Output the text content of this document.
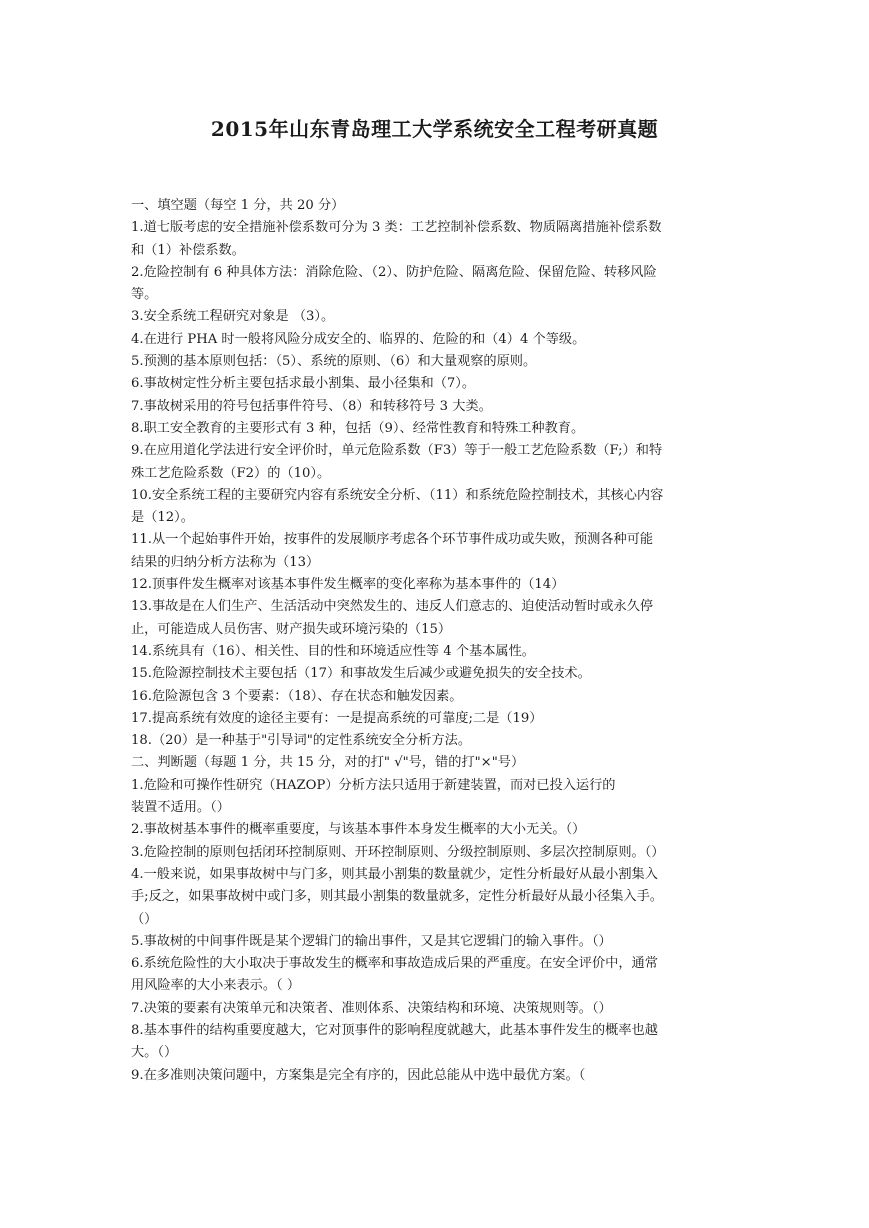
2015年山东青岛理工大学系统安全工程考研真题
一、填空题（每空 1 分，共 20 分）
1.道七版考虑的安全措施补偿系数可分为 3 类：工艺控制补偿系数、物质隔离措施补偿系数
和（1）补偿系数。
2.危险控制有 6 种具体方法：消除危险、（2）、防护危险、隔离危险、保留危险、转移风险
等。
3.安全系统工程研究对象是 （3）。
4.在进行 PHA 时一般将风险分成安全的、临界的、危险的和（4）4 个等级。
5.预测的基本原则包括：（5）、系统的原则、（6）和大量观察的原则。
6.事故树定性分析主要包括求最小割集、最小径集和（7）。
7.事故树采用的符号包括事件符号、（8）和转移符号 3 大类。
8.职工安全教育的主要形式有 3 种，包括（9）、经常性教育和特殊工种教育。
9.在应用道化学法进行安全评价时，单元危险系数（F3）等于一般工艺危险系数（F;）和特
殊工艺危险系数（F2）的（10）。
10.安全系统工程的主要研究内容有系统安全分析、（11）和系统危险控制技术，其核心内容
是（12）。
11.从一个起始事件开始，按事件的发展顺序考虑各个环节事件成功或失败，预测各种可能
结果的归纳分析方法称为（13）
12.顶事件发生概率对该基本事件发生概率的变化率称为基本事件的（14）
13.事故是在人们生产、生活活动中突然发生的、违反人们意志的、迫使活动暂时或永久停
止，可能造成人员伤害、财产损失或环境污染的（15）
14.系统具有（16）、相关性、目的性和环境适应性等 4 个基本属性。
15.危险源控制技术主要包括（17）和事故发生后减少或避免损失的安全技术。
16.危险源包含 3 个要素：（18）、存在状态和触发因素。
17.提高系统有效度的途径主要有：一是提高系统的可靠度;二是（19）
18.（20）是一种基于"引导词"的定性系统安全分析方法。
二、判断题（每题 1 分，共 15 分，对的打" √"号，错的打"×"号）
1.危险和可操作性研究（HAZOP）分析方法只适用于新建装置，而对已投入运行的
装置不适用。（）
2.事故树基本事件的概率重要度，与该基本事件本身发生概率的大小无关。（）
3.危险控制的原则包括闭环控制原则、开环控制原则、分级控制原则、多层次控制原则。（）
4.一般来说，如果事故树中与门多，则其最小割集的数量就少，定性分析最好从最小割集入
手;反之，如果事故树中或门多，则其最小割集的数量就多，定性分析最好从最小径集入手。
（）
5.事故树的中间事件既是某个逻辑门的输出事件，又是其它逻辑门的输入事件。（）
6.系统危险性的大小取决于事故发生的概率和事故造成后果的严重度。在安全评价中，通常
用风险率的大小来表示。（ ）
7.决策的要素有决策单元和决策者、准则体系、决策结构和环境、决策规则等。（）
8.基本事件的结构重要度越大，它对顶事件的影响程度就越大，此基本事件发生的概率也越
大。（）
9.在多准则决策问题中，方案集是完全有序的，因此总能从中选中最优方案。（
